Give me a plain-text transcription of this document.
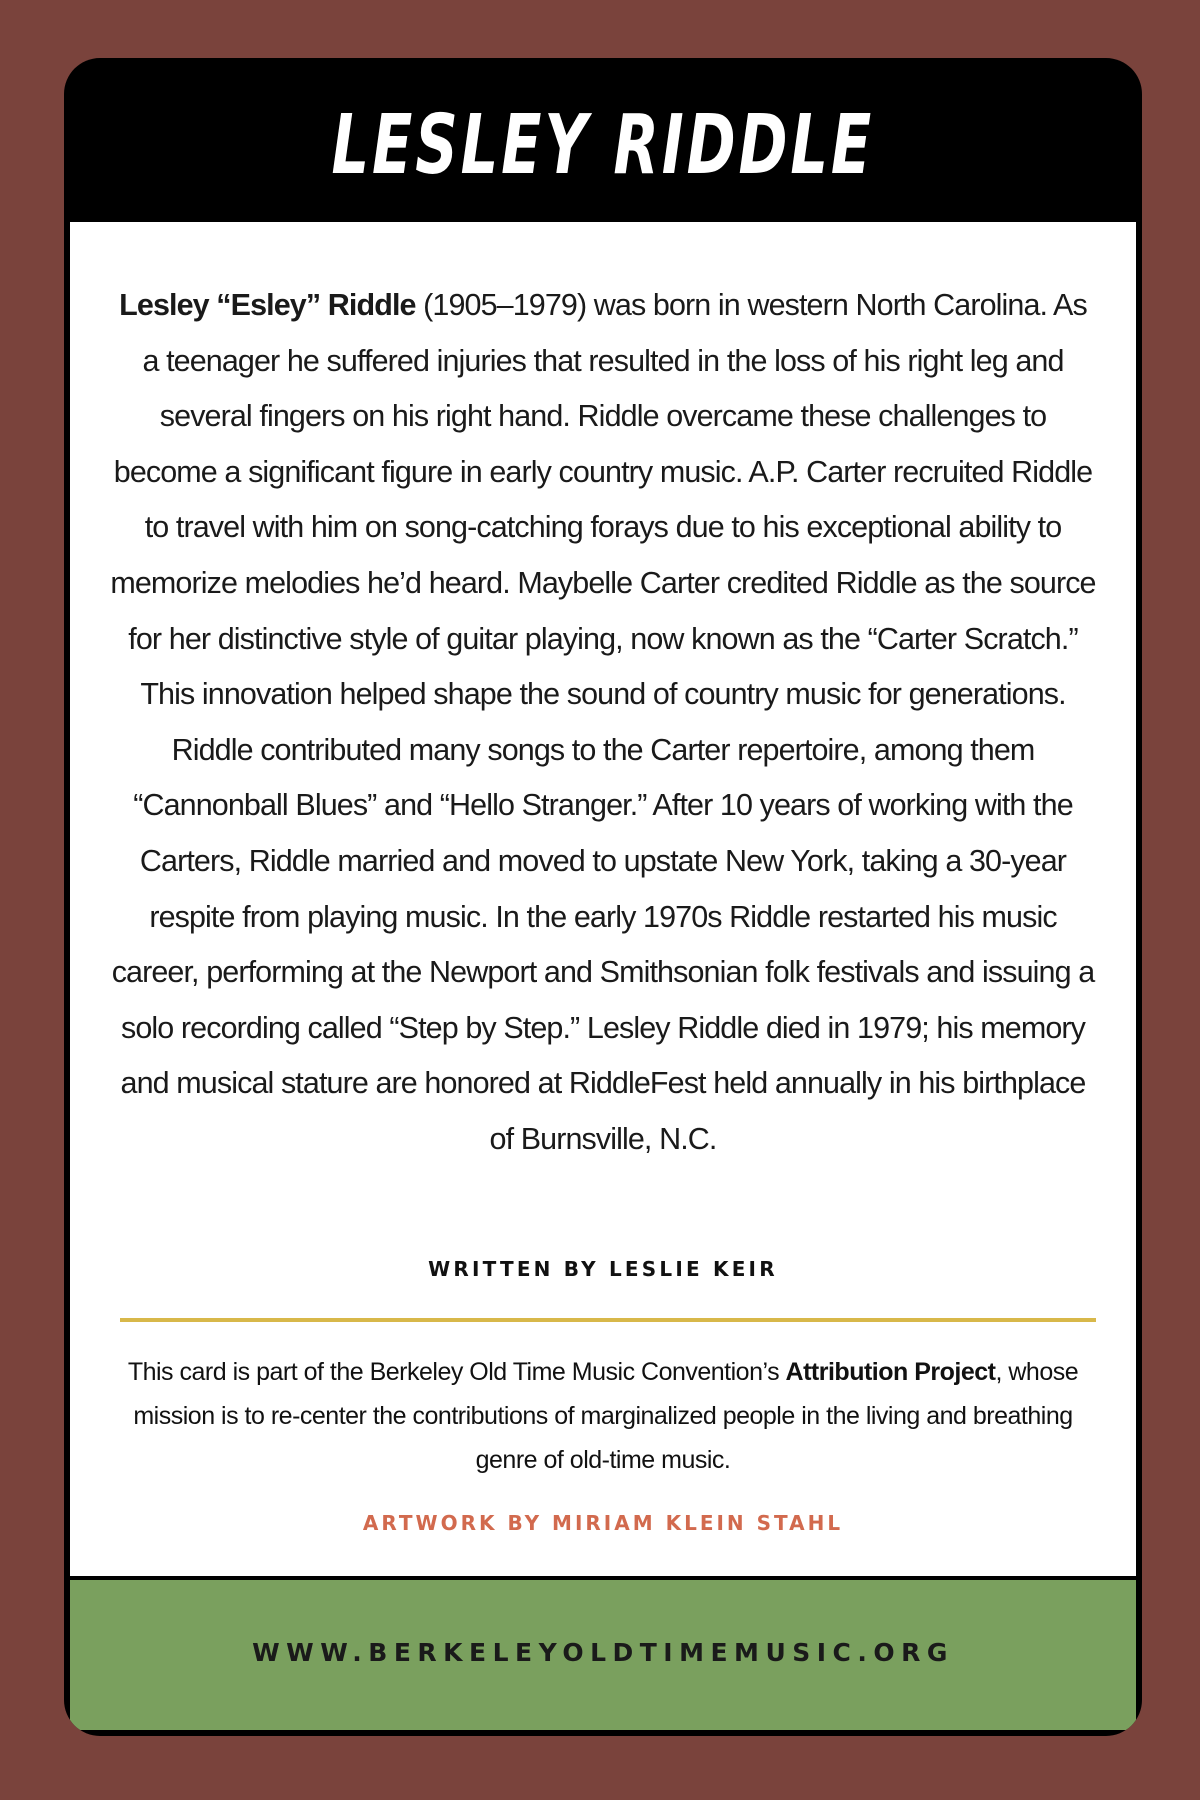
LESLEY RIDDLE

Lesley “Esley” Riddle (1905–1979) was born in western North Carolina. As a teenager he suffered injuries that resulted in the loss of his right leg and several fingers on his right hand. Riddle overcame these challenges to become a significant figure in early country music. A.P. Carter recruited Riddle to travel with him on song-catching forays due to his exceptional ability to memorize melodies he’d heard. Maybelle Carter credited Riddle as the source for her distinctive style of guitar playing, now known as the “Carter Scratch.” This innovation helped shape the sound of country music for generations. Riddle contributed many songs to the Carter repertoire, among them “Cannonball Blues” and “Hello Stranger.” After 10 years of working with the Carters, Riddle married and moved to upstate New York, taking a 30-year respite from playing music. In the early 1970s Riddle restarted his music career, performing at the Newport and Smithsonian folk festivals and issuing a solo recording called “Step by Step.” Lesley Riddle died in 1979; his memory and musical stature are honored at RiddleFest held annually in his birthplace of Burnsville, N.C.

WRITTEN BY LESLIE KEIR

This card is part of the Berkeley Old Time Music Convention’s Attribution Project, whose mission is to re-center the contributions of marginalized people in the living and breathing genre of old-time music.

ARTWORK BY MIRIAM KLEIN STAHL
WWW.BERKELEYOLDTIMEMUSIC.ORG
